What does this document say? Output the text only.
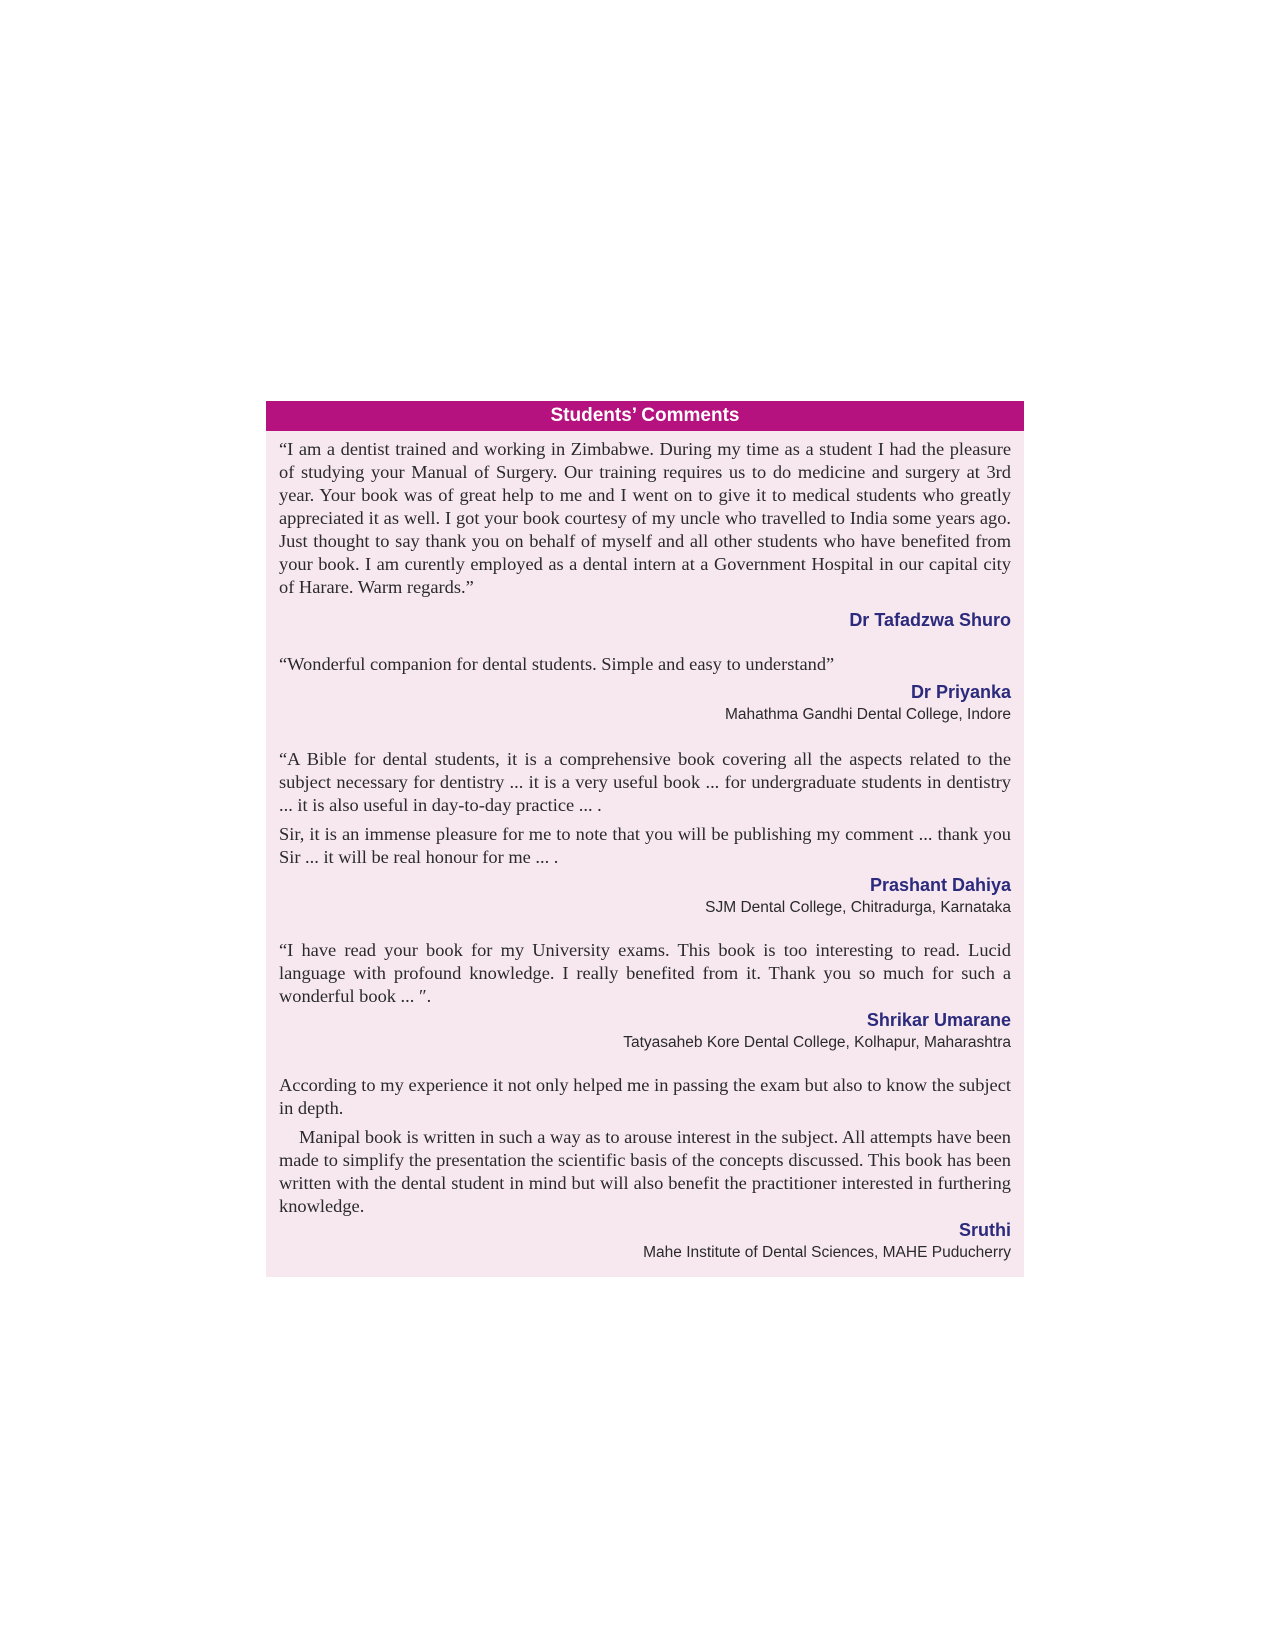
Students’ Comments

“I am a dentist trained and working in Zimbabwe. During my time as a student I had the pleasure of studying your Manual of Surgery. Our training requires us to do medicine and surgery at 3rd year. Your book was of great help to me and I went on to give it to medical students who greatly appreciated it as well. I got your book courtesy of my uncle who travelled to India some years ago. Just thought to say thank you on behalf of myself and all other students who have benefited from your book. I am curently employed as a dental intern at a Government Hospital in our capital city of Harare. Warm regards.”

Dr Tafadzwa Shuro

“Wonderful companion for dental students. Simple and easy to understand”

Dr Priyanka

Mahathma Gandhi Dental College, Indore

“A Bible for dental students, it is a comprehensive book covering all the aspects related to the subject necessary for dentistry ... it is a very useful book ... for undergraduate students in dentistry ... it is also useful in day-to-day practice ... .

Sir, it is an immense pleasure for me to note that you will be publishing my comment ... thank you Sir ... it will be real honour for me ... .

Prashant Dahiya

SJM Dental College, Chitradurga, Karnataka

“I have read your book for my University exams. This book is too interesting to read. Lucid language with profound knowledge. I really benefited from it. Thank you so much for such a wonderful book ... ″.

Shrikar Umarane

Tatyasaheb Kore Dental College, Kolhapur, Maharashtra

According to my experience it not only helped me in passing the exam but also to know the subject in depth.

Manipal book is written in such a way as to arouse interest in the subject. All attempts have been made to simplify the presentation the scientific basis of the concepts discussed. This book has been written with the dental student in mind but will also benefit the practitioner interested in furthering knowledge.

Sruthi

Mahe Institute of Dental Sciences, MAHE Puducherry
